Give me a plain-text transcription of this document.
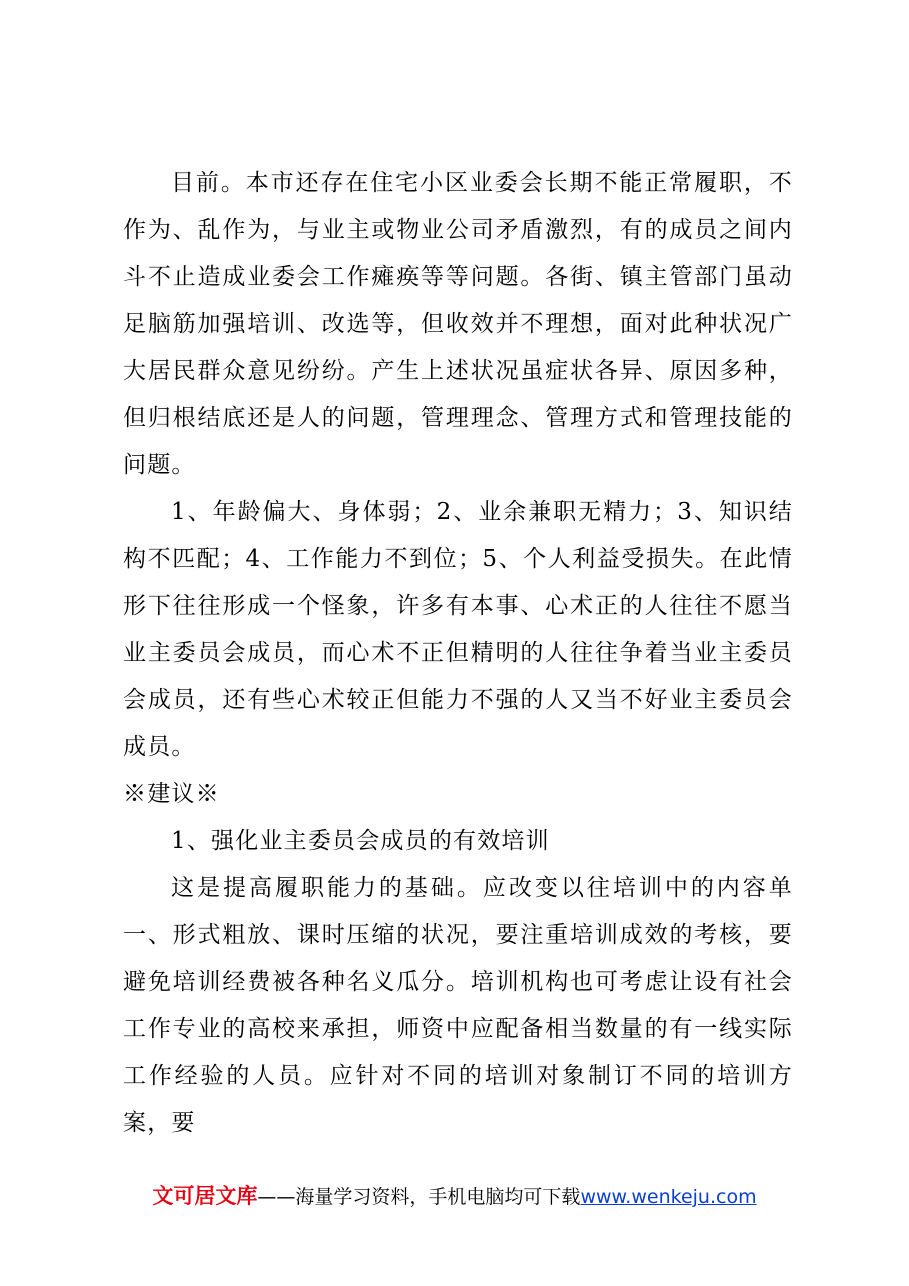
目前。本市还存在住宅小区业委会长期不能正常履职，不作为、乱作为，与业主或物业公司矛盾激烈，有的成员之间内斗不止造成业委会工作瘫痪等等问题。各街、镇主管部门虽动足脑筋加强培训、改选等，但收效并不理想，面对此种状况广大居民群众意见纷纷。产生上述状况虽症状各异、原因多种，但归根结底还是人的问题，管理理念、管理方式和管理技能的问题。

1、年龄偏大、身体弱；2、业余兼职无精力；3、知识结构不匹配；4、工作能力不到位；5、个人利益受损失。在此情形下往往形成一个怪象，许多有本事、心术正的人往往不愿当业主委员会成员，而心术不正但精明的人往往争着当业主委员会成员，还有些心术较正但能力不强的人又当不好业主委员会成员。

※建议※

1、强化业主委员会成员的有效培训

这是提高履职能力的基础。应改变以往培训中的内容单一、形式粗放、课时压缩的状况，要注重培训成效的考核，要避免培训经费被各种名义瓜分。培训机构也可考虑让设有社会工作专业的高校来承担，师资中应配备相当数量的有一线实际工作经验的人员。应针对不同的培训对象制订不同的培训方案，要

文可居文库——海量学习资料，手机电脑均可下载www.wenkeju.com
